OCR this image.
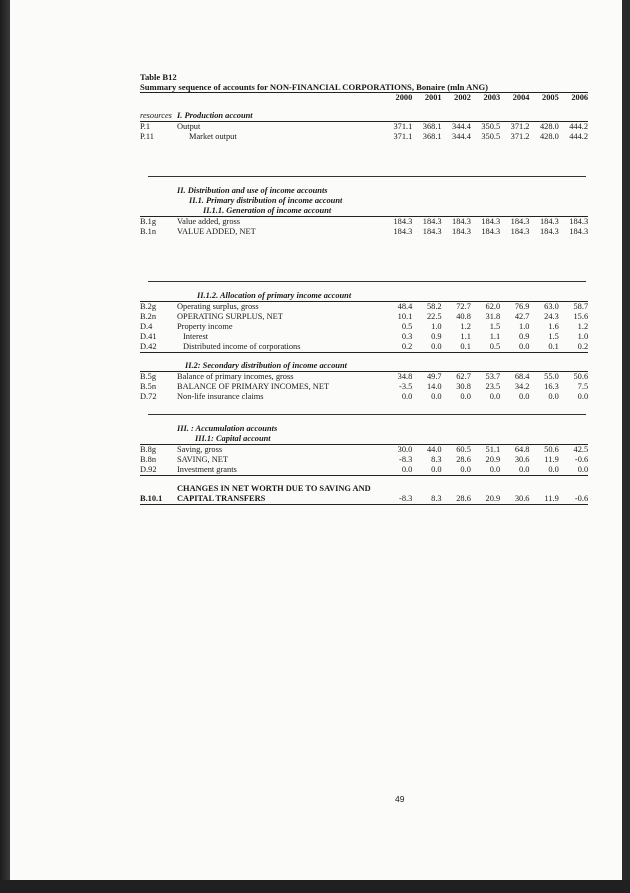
Table B12
Summary sequence of accounts for NON-FINANCIAL CORPORATIONS, Bonaire (mln ANG)
		2000	2001	2002	2003	2004	2005	2006
resources	I. Production account							
P.1	Output	371.1	368.1	344.4	350.5	371.2	428.0	444.2
P.11	Market output	371.1	368.1	344.4	350.5	371.2	428.0	444.2
	II. Distribution and use of income accounts							
	II.1. Primary distribution of income account							
	II.1.1. Generation of income account							
B.1g	Value added, gross	184.3	184.3	184.3	184.3	184.3	184.3	184.3
B.1n	VALUE ADDED, NET	184.3	184.3	184.3	184.3	184.3	184.3	184.3
	II.1.2. Allocation of primary income account							
B.2g	Operating surplus, gross	48.4	58.2	72.7	62.0	76.9	63.0	58.7
B.2n	OPERATING SURPLUS, NET	10.1	22.5	40.8	31.8	42.7	24.3	15.6
D.4	Property income	0.5	1.0	1.2	1.5	1.0	1.6	1.2
D.41	Interest	0.3	0.9	1.1	1.1	0.9	1.5	1.0
D.42	Distributed income of corporations	0.2	0.0	0.1	0.5	0.0	0.1	0.2
	II.2: Secondary distribution of income account							
B.5g	Balance of primary incomes, gross	34.8	49.7	62.7	53.7	68.4	55.0	50.6
B.5n	BALANCE OF PRIMARY INCOMES, NET	-3.5	14.0	30.8	23.5	34.2	16.3	7.5
D.72	Non-life insurance claims	0.0	0.0	0.0	0.0	0.0	0.0	0.0
	III. : Accumulation accounts							
	III.1: Capital account							
B.8g	Saving, gross	30.0	44.0	60.5	51.1	64.8	50.6	42.5
B.8n	SAVING, NET	-8.3	8.3	28.6	20.9	30.6	11.9	-0.6
D.92	Investment grants	0.0	0.0	0.0	0.0	0.0	0.0	0.0
	CHANGES IN NET WORTH DUE TO SAVING AND							
B.10.1	CAPITAL TRANSFERS	-8.3	8.3	28.6	20.9	30.6	11.9	-0.6
49
